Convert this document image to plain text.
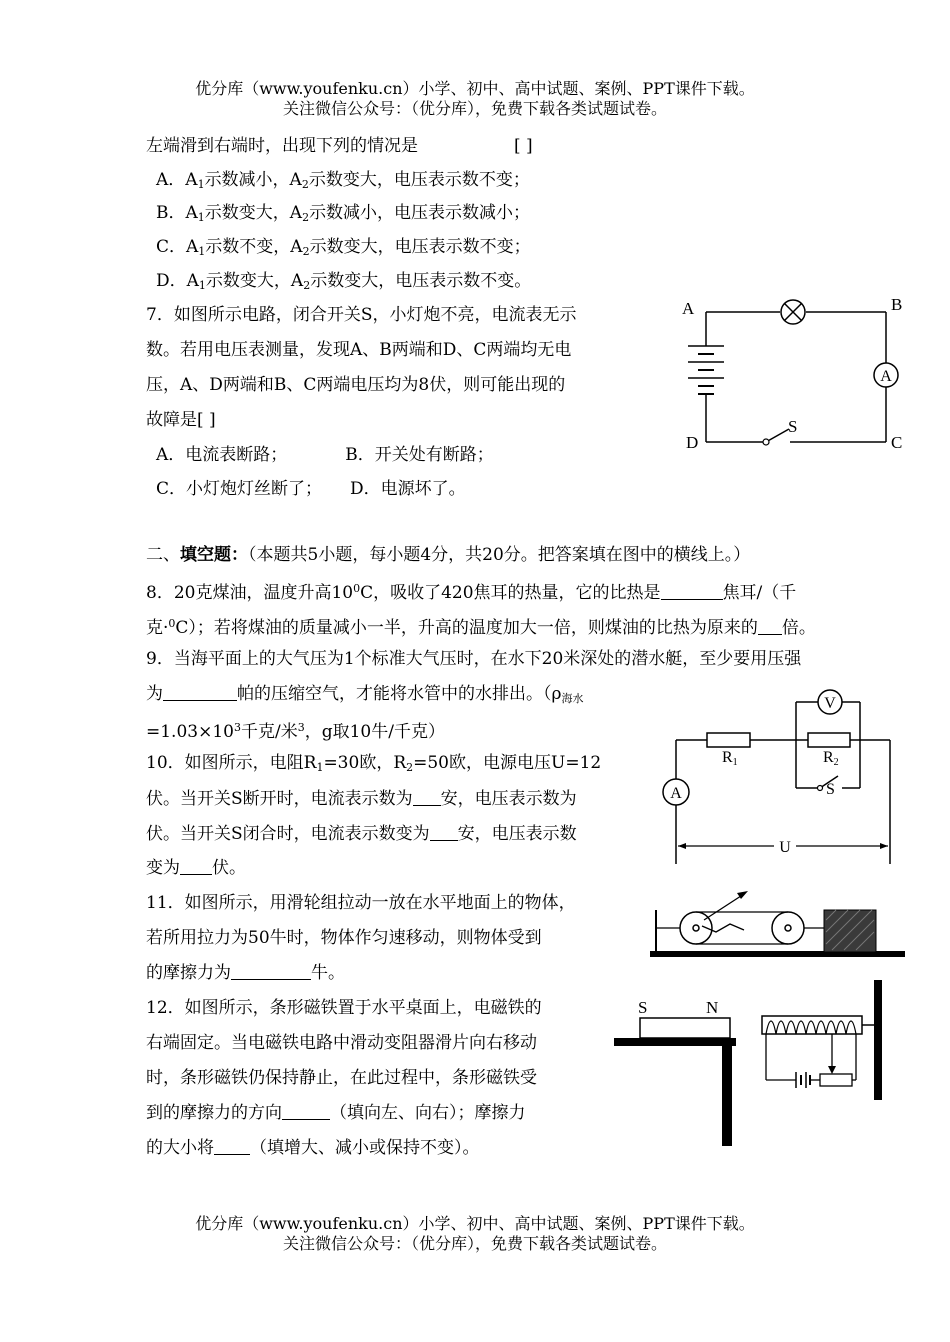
优分库（www.youfenku.cn）小学、初中、高中试题、案例、PPT课件下载。
关注微信公众号：（优分库），免费下载各类试题试卷。
左端滑到右端时，出现下列的情况是	[ ]
A．$A_1$示数减小，$A_2$示数变大，电压表示数不变；
B．$A_1$示数变大，$A_2$示数减小，电压表示数减小；
C．$A_1$示数不变，$A_2$示数变大，电压表示数不变；
D．$A_1$示数变大，$A_2$示数变大，电压表示数不变。
7．如图所示电路，闭合开关S，小灯炮不亮，电流表无示
数。若用电压表测量，发现A、B两端和D、C两端均无电
压，A、D两端和B、C两端电压均为8伏，则可能出现的
故障是[ ]
A．电流表断路；	B．开关处有断路；
C．小灯炮灯丝断了； D．电源坏了。
A
A	B
C
D
S
二、填空题：（本题共5小题，每小题4分，共20分。把答案填在图中的横线上。）
8．20克煤油，温度升高$10^0C$，吸收了420焦耳的热量，它的比热是	焦耳/（千
克·$^0$C）；若将煤油的质量减小一半，升高的温度加大一倍，则煤油的比热为原来的 倍。
9．当海平面上的大气压为1个标准大气压时，在水下20米深处的潜水艇，至少要用压强
为	帕的压缩空气，才能将水管中的水排出。（$\rho_{海水}$
$=1.03\times 10^3$千克/米$^3$，g取10牛/千克）
10．如图所示，电阻$R_1=30$欧，$R_2=50$欧，电源电压U=12
伏。当开关S断开时，电流表示数为 安，电压表示数为
伏。当开关S闭合时，电流表示数变为 安，电压表示数
变为 伏。
V
A
R1	R2
S
U
11．如图所示，用滑轮组拉动一放在水平地面上的物体，
若所用拉力为50牛时，物体作匀速移动，则物体受到
的摩擦力为	牛。
12．如图所示，条形磁铁置于水平桌面上，电磁铁的
右端固定。当电磁铁电路中滑动变阻器滑片向右移动
时，条形磁铁仍保持静止，在此过程中，条形磁铁受
到的摩擦力的方向	（填向左、向右）；摩擦力
的大小将 （填增大、减小或保持不变）。
S	N
优分库（www.youfenku.cn）小学、初中、高中试题、案例、PPT课件下载。
关注微信公众号：（优分库），免费下载各类试题试卷。
